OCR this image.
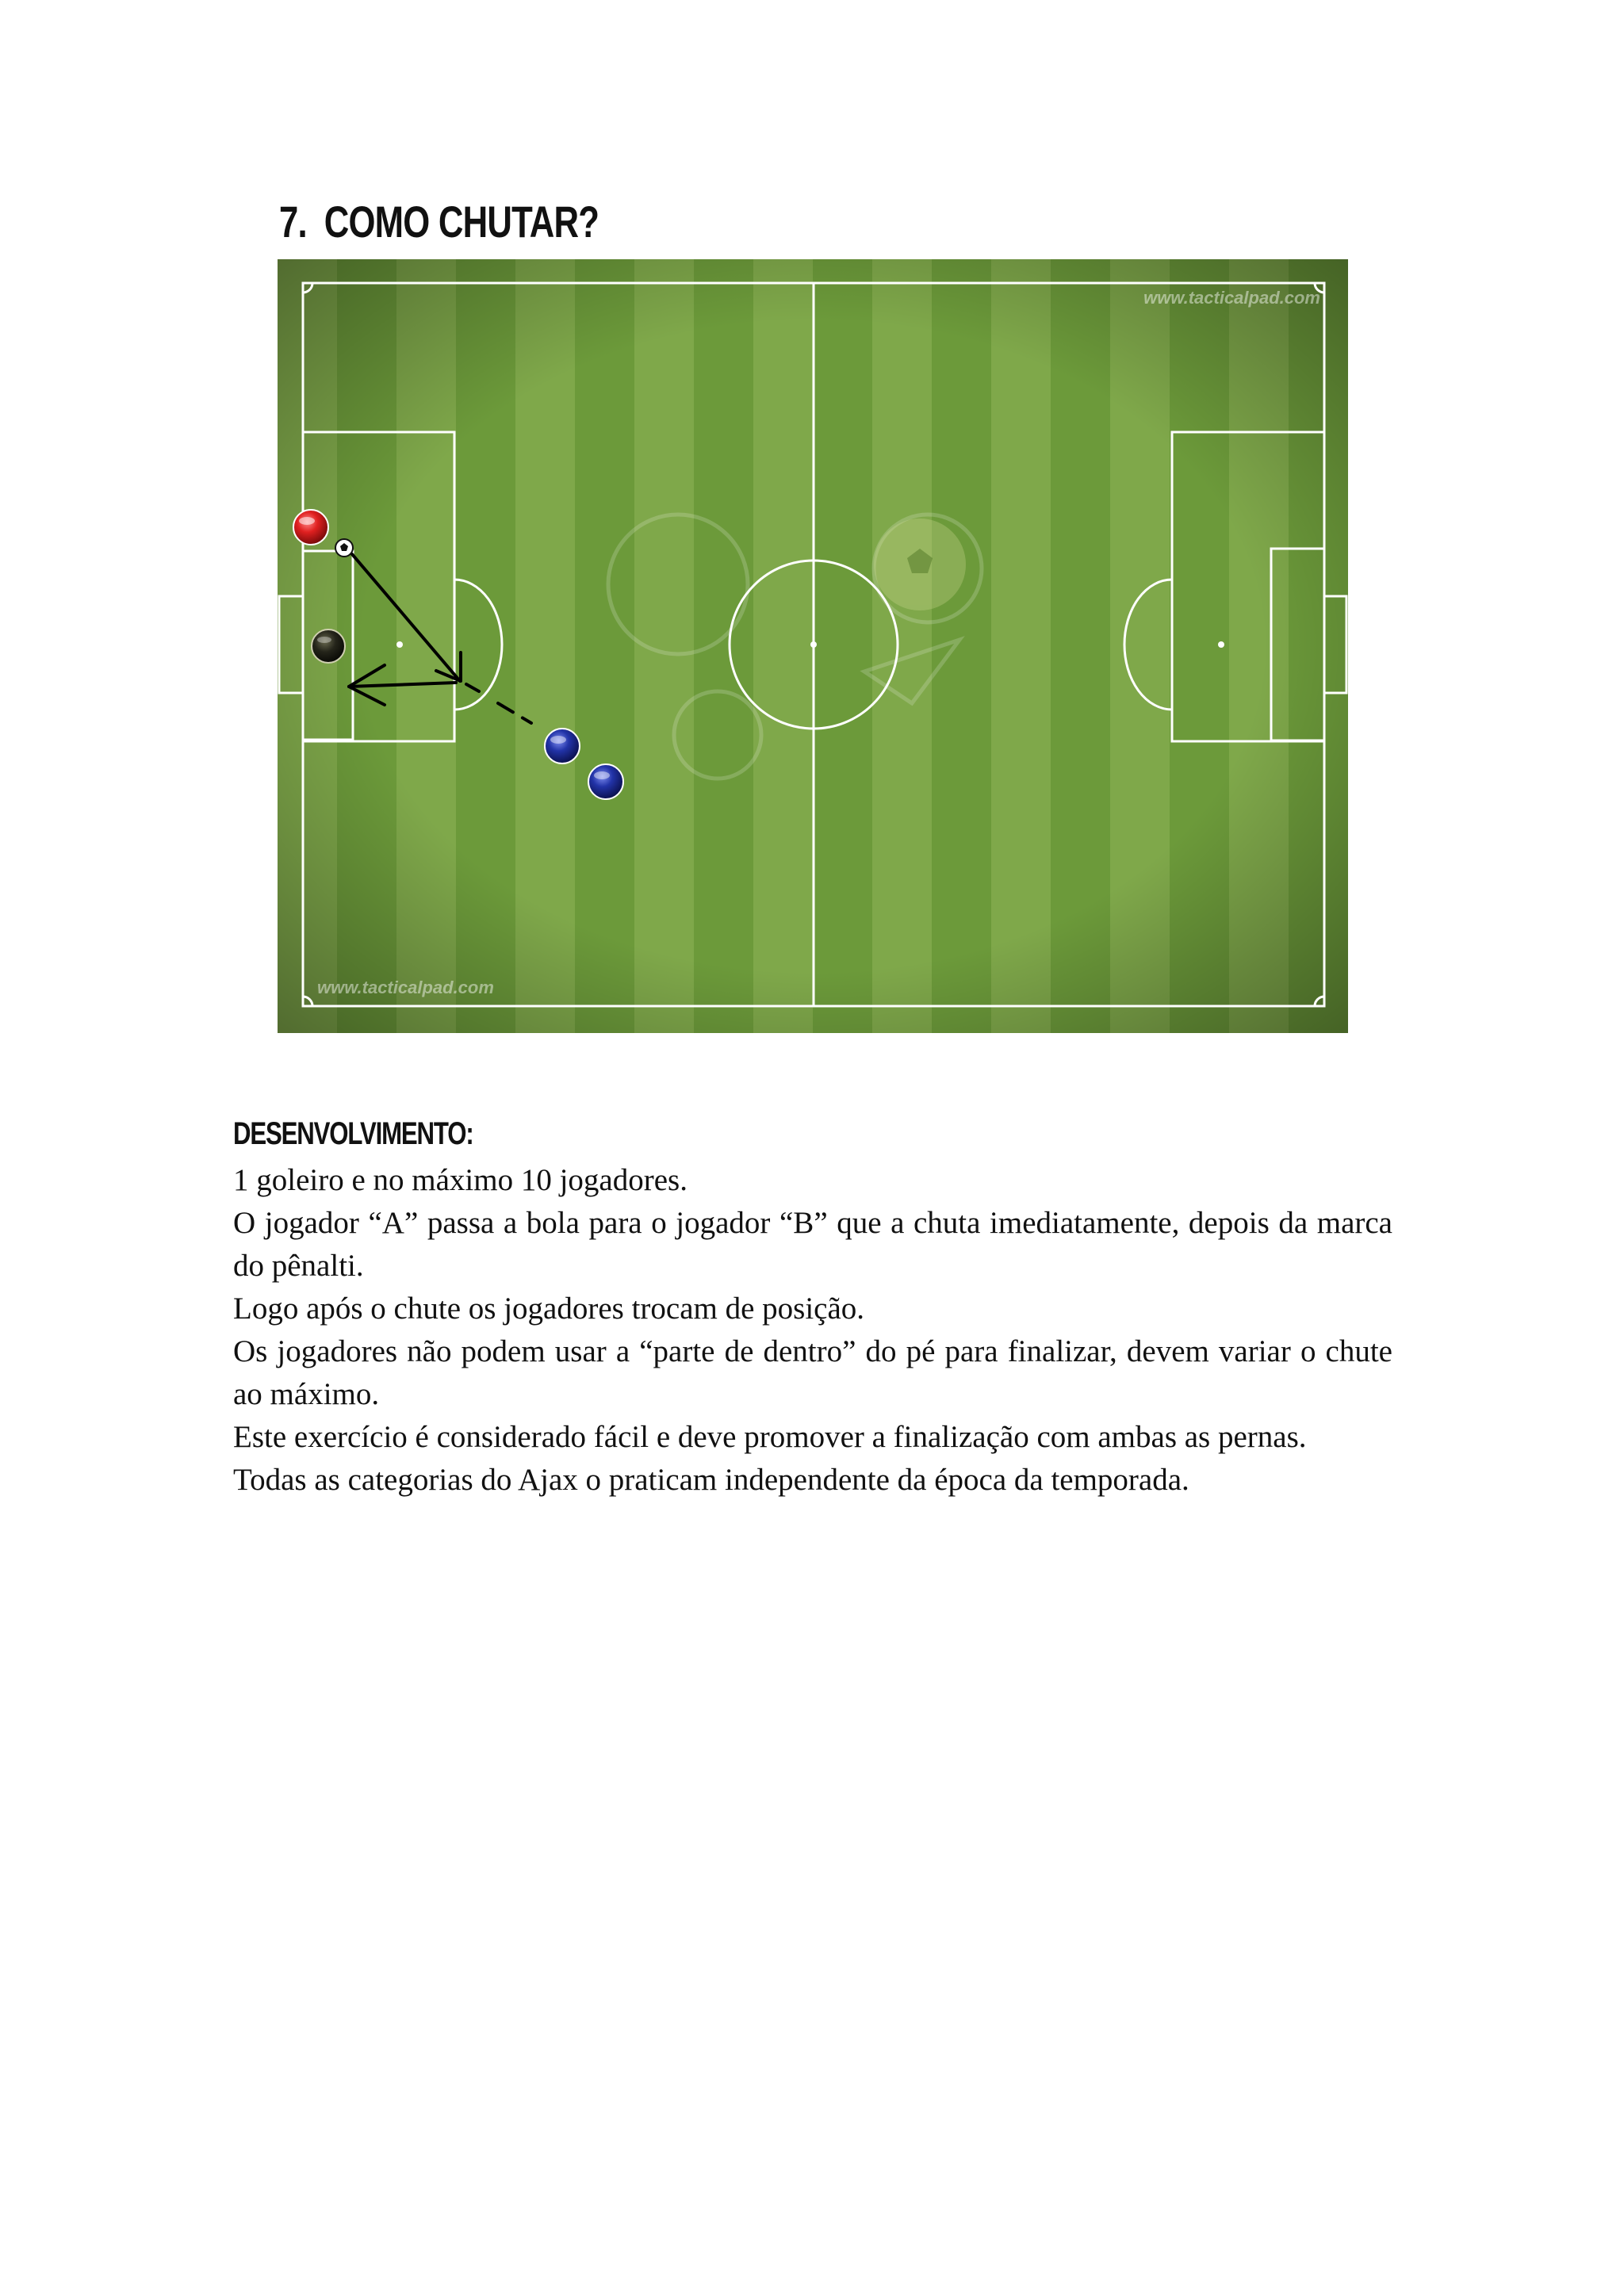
7. COMO CHUTAR?
www.tacticalpad.com
www.tacticalpad.com
DESENVOLVIMENTO:

1 goleiro e no máximo 10 jogadores.

O jogador “A” passa a bola para o jogador “B” que a chuta imediatamente, depois da marca do pênalti.

Logo após o chute os jogadores trocam de posição.

Os jogadores não podem usar a “parte de dentro” do pé para finalizar, devem variar o chute ao máximo.

Este exercício é considerado fácil e deve promover a finalização com ambas as pernas.

Todas as categorias do Ajax o praticam independente da época da temporada.
